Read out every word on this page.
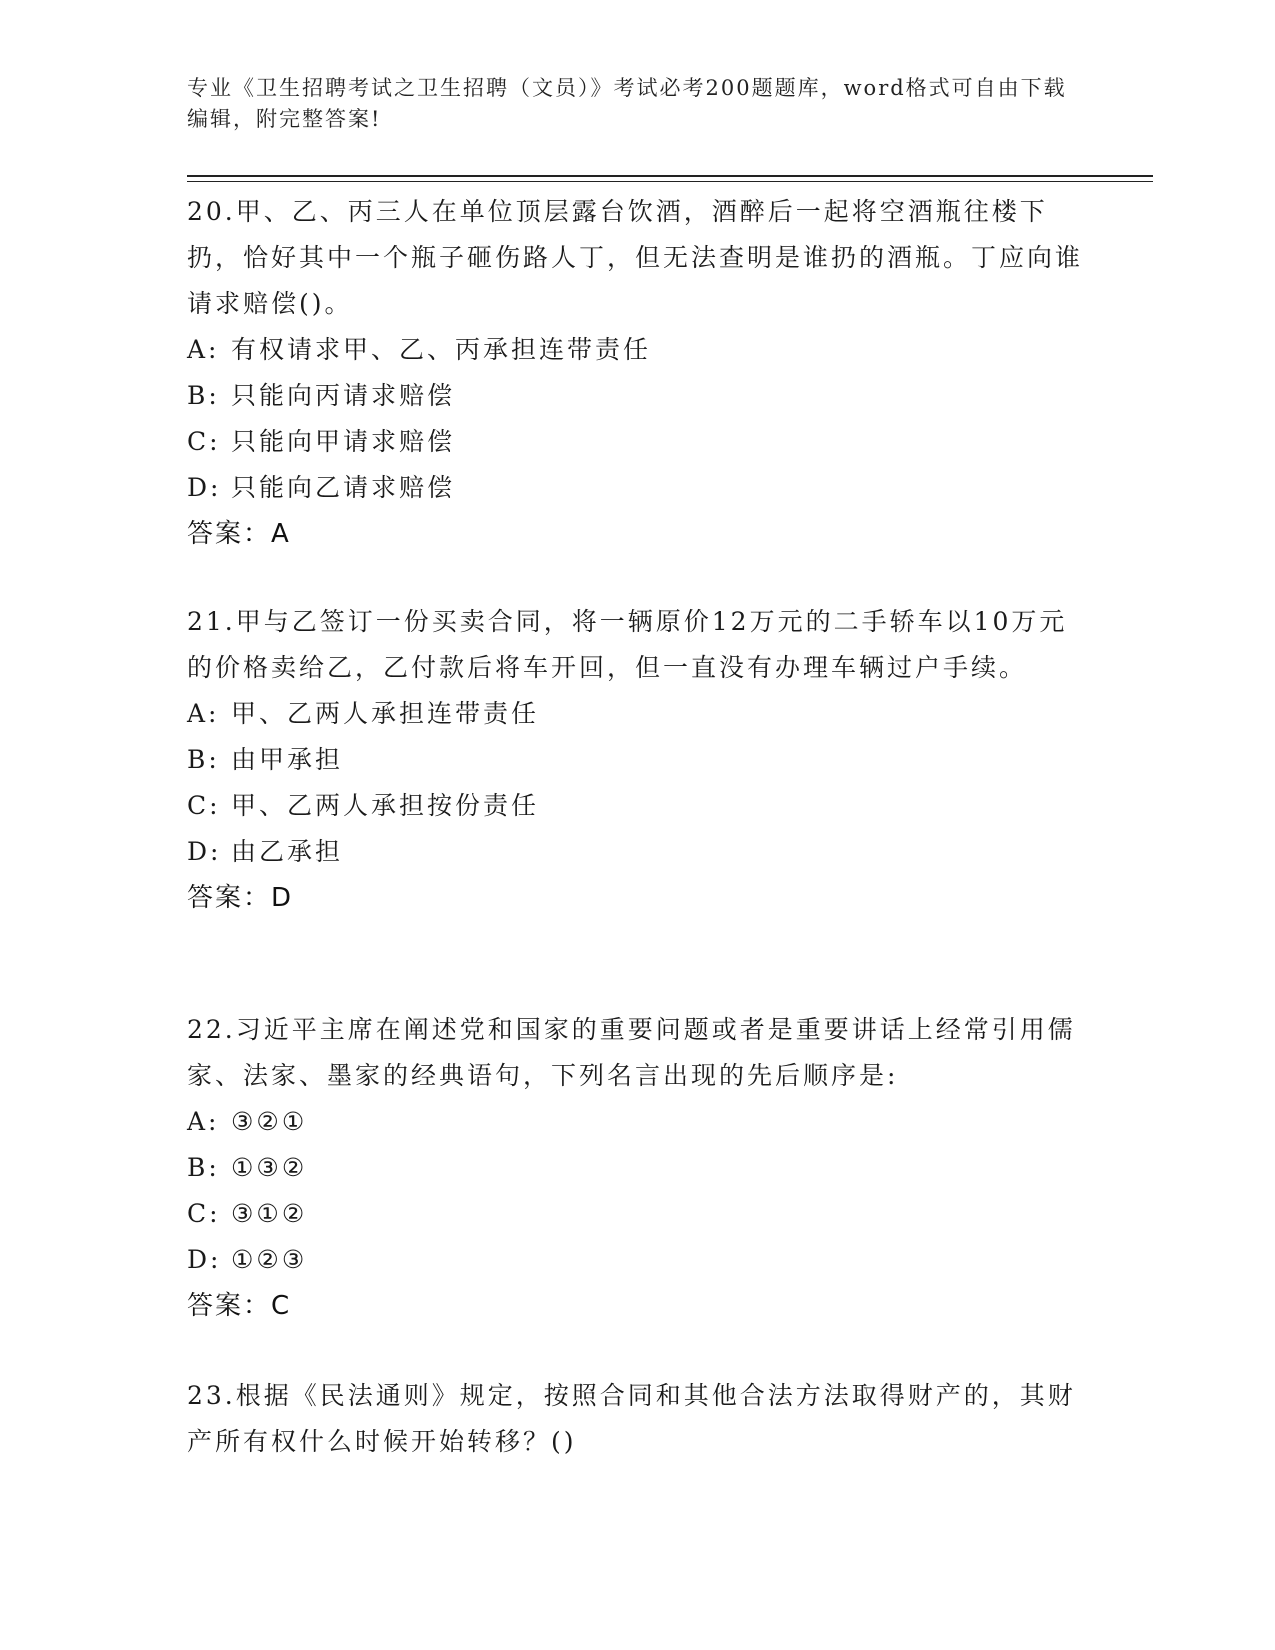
专业《卫生招聘考试之卫生招聘（文员）》考试必考200题题库，word格式可自由下载编辑，附完整答案!
20.甲、乙、丙三人在单位顶层露台饮酒，酒醉后一起将空酒瓶往楼下扔，恰好其中一个瓶子砸伤路人丁，但无法查明是谁扔的酒瓶。丁应向谁请求赔偿()。
A: 有权请求甲、乙、丙承担连带责任
B: 只能向丙请求赔偿
C: 只能向甲请求赔偿
D: 只能向乙请求赔偿
答案：A
21.甲与乙签订一份买卖合同，将一辆原价12万元的二手轿车以10万元的价格卖给乙，乙付款后将车开回，但一直没有办理车辆过户手续。
A: 甲、乙两人承担连带责任
B: 由甲承担
C: 甲、乙两人承担按份责任
D: 由乙承担
答案：D
22.习近平主席在阐述党和国家的重要问题或者是重要讲话上经常引用儒家、法家、墨家的经典语句，下列名言出现的先后顺序是:
A: ③②①
B: ①③②
C: ③①②
D: ①②③
答案：C
23.根据《民法通则》规定，按照合同和其他合法方法取得财产的，其财产所有权什么时候开始转移？()
